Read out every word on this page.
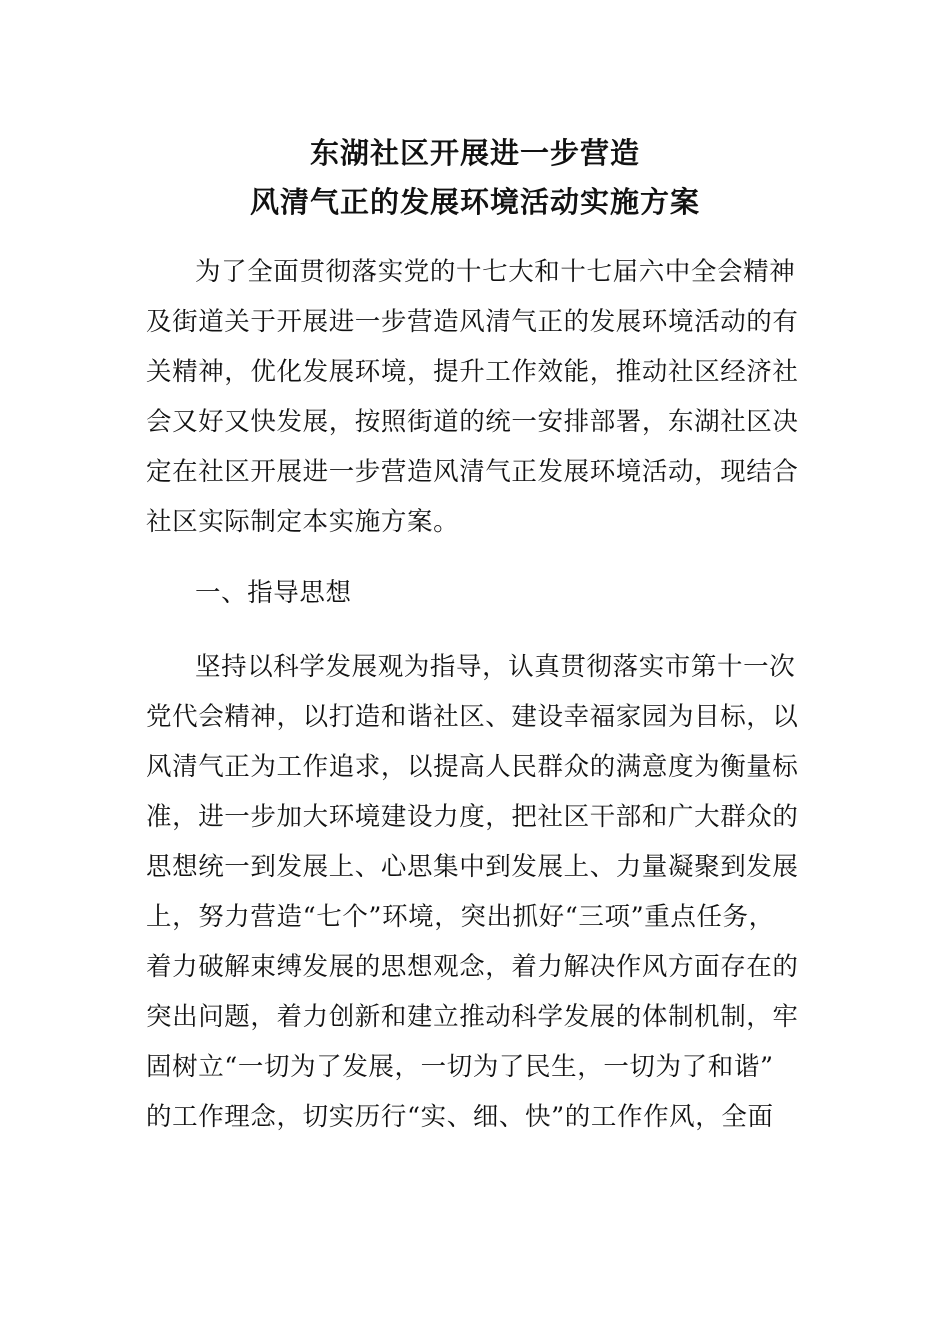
东湖社区开展进一步营造
风清气正的发展环境活动实施方案
为了全面贯彻落实党的十七大和十七届六中全会精神
及街道关于开展进一步营造风清气正的发展环境活动的有
关精神，优化发展环境，提升工作效能，推动社区经济社
会又好又快发展，按照街道的统一安排部署，东湖社区决
定在社区开展进一步营造风清气正发展环境活动，现结合
社区实际制定本实施方案。
一、指导思想
坚持以科学发展观为指导，认真贯彻落实市第十一次
党代会精神，以打造和谐社区、建设幸福家园为目标，以
风清气正为工作追求，以提高人民群众的满意度为衡量标
准，进一步加大环境建设力度，把社区干部和广大群众的
思想统一到发展上、心思集中到发展上、力量凝聚到发展
上，努力营造“七个”环境，突出抓好“三项”重点任务，
着力破解束缚发展的思想观念，着力解决作风方面存在的
突出问题，着力创新和建立推动科学发展的体制机制，牢
固树立“一切为了发展，一切为了民生，一切为了和谐”
的工作理念，切实历行“实、细、快”的工作作风，全面
